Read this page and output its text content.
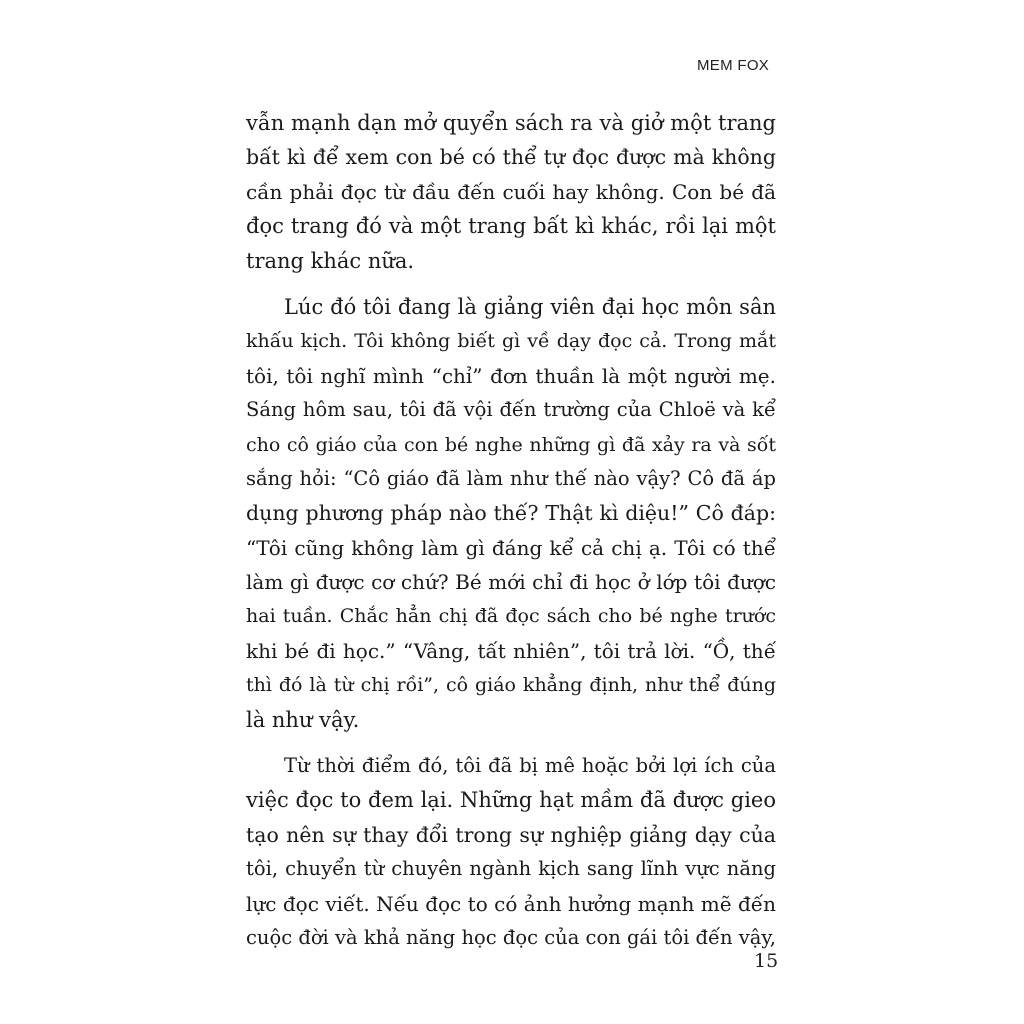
MEM FOX
vẫn mạnh dạn mở quyển sách ra và giở một trang
bất kì để xem con bé có thể tự đọc được mà không
cần phải đọc từ đầu đến cuối hay không. Con bé đã
đọc trang đó và một trang bất kì khác, rồi lại một
trang khác nữa.
Lúc đó tôi đang là giảng viên đại học môn sân
khấu kịch. Tôi không biết gì về dạy đọc cả. Trong mắt
tôi, tôi nghĩ mình “chỉ” đơn thuần là một người mẹ.
Sáng hôm sau, tôi đã vội đến trường của Chloë và kể
cho cô giáo của con bé nghe những gì đã xảy ra và sốt
sắng hỏi: “Cô giáo đã làm như thế nào vậy? Cô đã áp
dụng phương pháp nào thế? Thật kì diệu!” Cô đáp:
“Tôi cũng không làm gì đáng kể cả chị ạ. Tôi có thể
làm gì được cơ chứ? Bé mới chỉ đi học ở lớp tôi được
hai tuần. Chắc hẳn chị đã đọc sách cho bé nghe trước
khi bé đi học.” “Vâng, tất nhiên”, tôi trả lời. “Ồ, thế
thì đó là từ chị rồi”, cô giáo khẳng định, như thể đúng
là như vậy.
Từ thời điểm đó, tôi đã bị mê hoặc bởi lợi ích của
việc đọc to đem lại. Những hạt mầm đã được gieo
tạo nên sự thay đổi trong sự nghiệp giảng dạy của
tôi, chuyển từ chuyên ngành kịch sang lĩnh vực năng
lực đọc viết. Nếu đọc to có ảnh hưởng mạnh mẽ đến
cuộc đời và khả năng học đọc của con gái tôi đến vậy,
15
